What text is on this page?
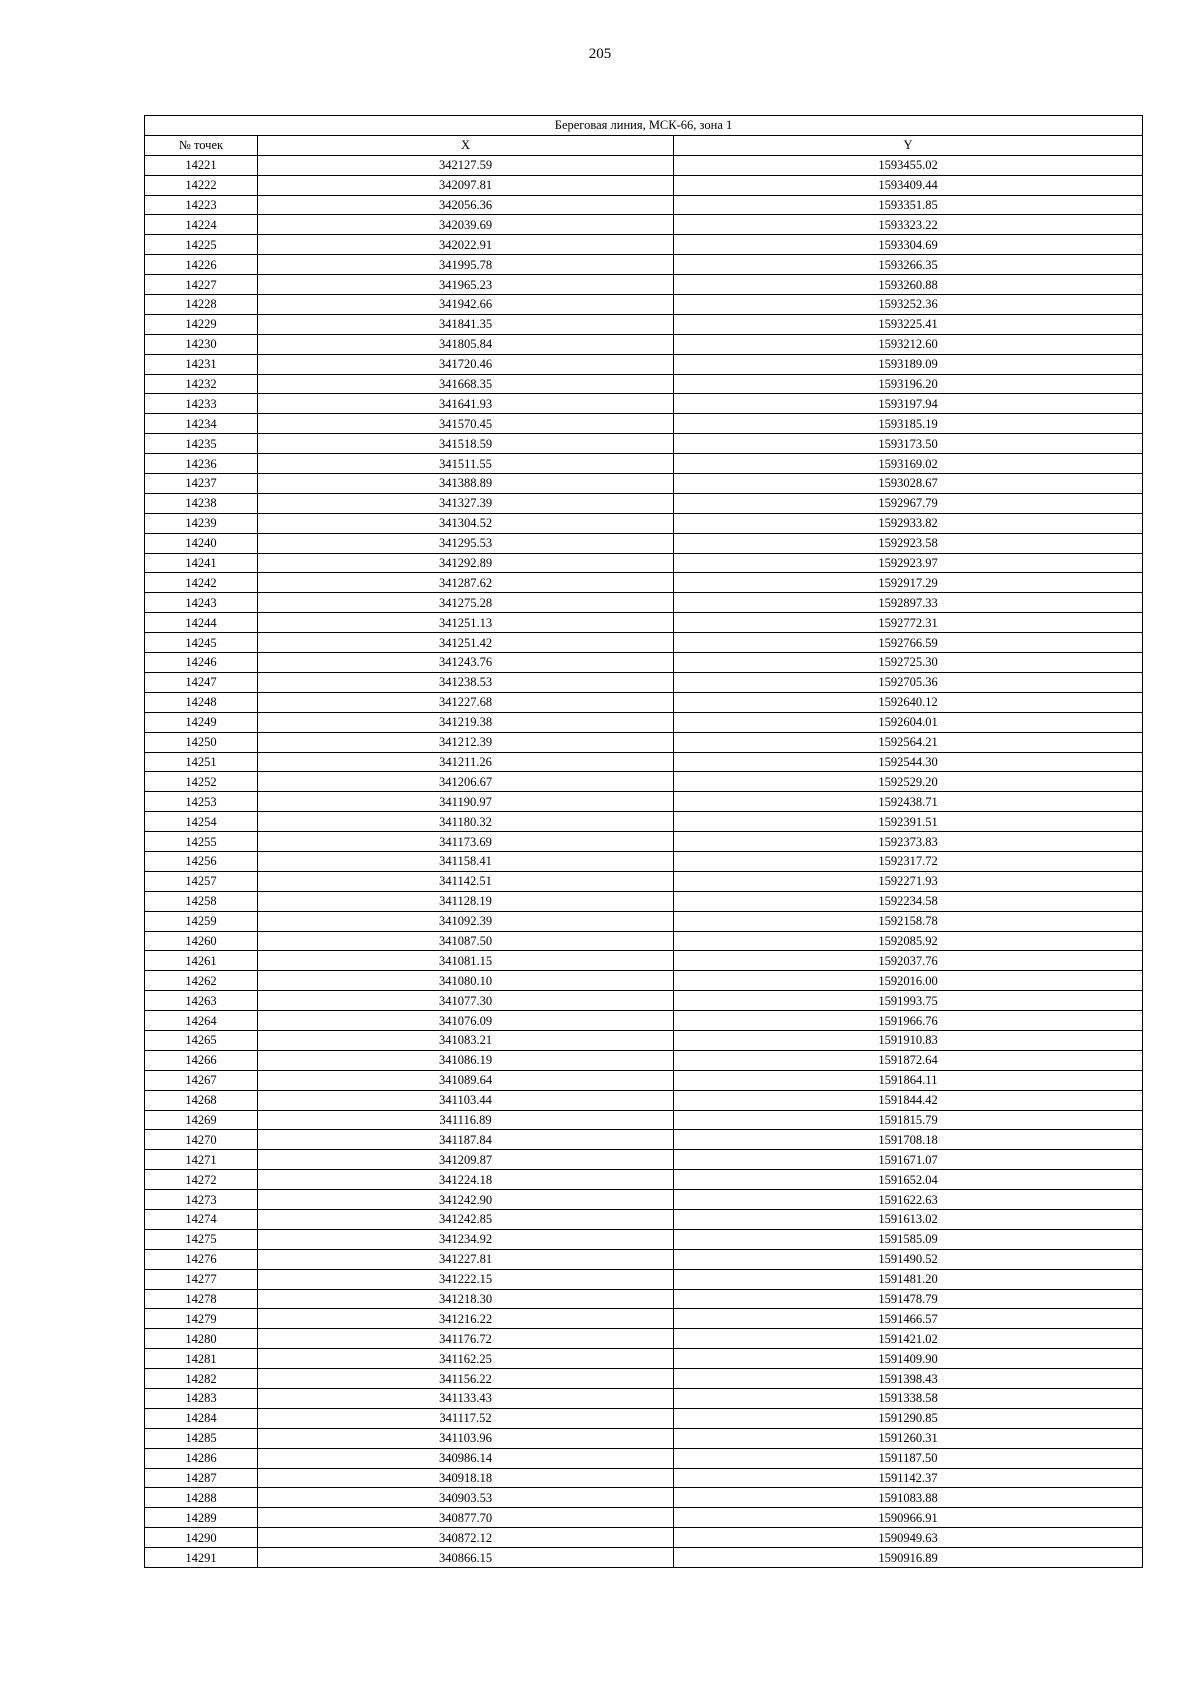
205
Береговая линия, МСК-66, зона 1		
№ точек	X	Y
14221	342127.59	1593455.02
14222	342097.81	1593409.44
14223	342056.36	1593351.85
14224	342039.69	1593323.22
14225	342022.91	1593304.69
14226	341995.78	1593266.35
14227	341965.23	1593260.88
14228	341942.66	1593252.36
14229	341841.35	1593225.41
14230	341805.84	1593212.60
14231	341720.46	1593189.09
14232	341668.35	1593196.20
14233	341641.93	1593197.94
14234	341570.45	1593185.19
14235	341518.59	1593173.50
14236	341511.55	1593169.02
14237	341388.89	1593028.67
14238	341327.39	1592967.79
14239	341304.52	1592933.82
14240	341295.53	1592923.58
14241	341292.89	1592923.97
14242	341287.62	1592917.29
14243	341275.28	1592897.33
14244	341251.13	1592772.31
14245	341251.42	1592766.59
14246	341243.76	1592725.30
14247	341238.53	1592705.36
14248	341227.68	1592640.12
14249	341219.38	1592604.01
14250	341212.39	1592564.21
14251	341211.26	1592544.30
14252	341206.67	1592529.20
14253	341190.97	1592438.71
14254	341180.32	1592391.51
14255	341173.69	1592373.83
14256	341158.41	1592317.72
14257	341142.51	1592271.93
14258	341128.19	1592234.58
14259	341092.39	1592158.78
14260	341087.50	1592085.92
14261	341081.15	1592037.76
14262	341080.10	1592016.00
14263	341077.30	1591993.75
14264	341076.09	1591966.76
14265	341083.21	1591910.83
14266	341086.19	1591872.64
14267	341089.64	1591864.11
14268	341103.44	1591844.42
14269	341116.89	1591815.79
14270	341187.84	1591708.18
14271	341209.87	1591671.07
14272	341224.18	1591652.04
14273	341242.90	1591622.63
14274	341242.85	1591613.02
14275	341234.92	1591585.09
14276	341227.81	1591490.52
14277	341222.15	1591481.20
14278	341218.30	1591478.79
14279	341216.22	1591466.57
14280	341176.72	1591421.02
14281	341162.25	1591409.90
14282	341156.22	1591398.43
14283	341133.43	1591338.58
14284	341117.52	1591290.85
14285	341103.96	1591260.31
14286	340986.14	1591187.50
14287	340918.18	1591142.37
14288	340903.53	1591083.88
14289	340877.70	1590966.91
14290	340872.12	1590949.63
14291	340866.15	1590916.89
